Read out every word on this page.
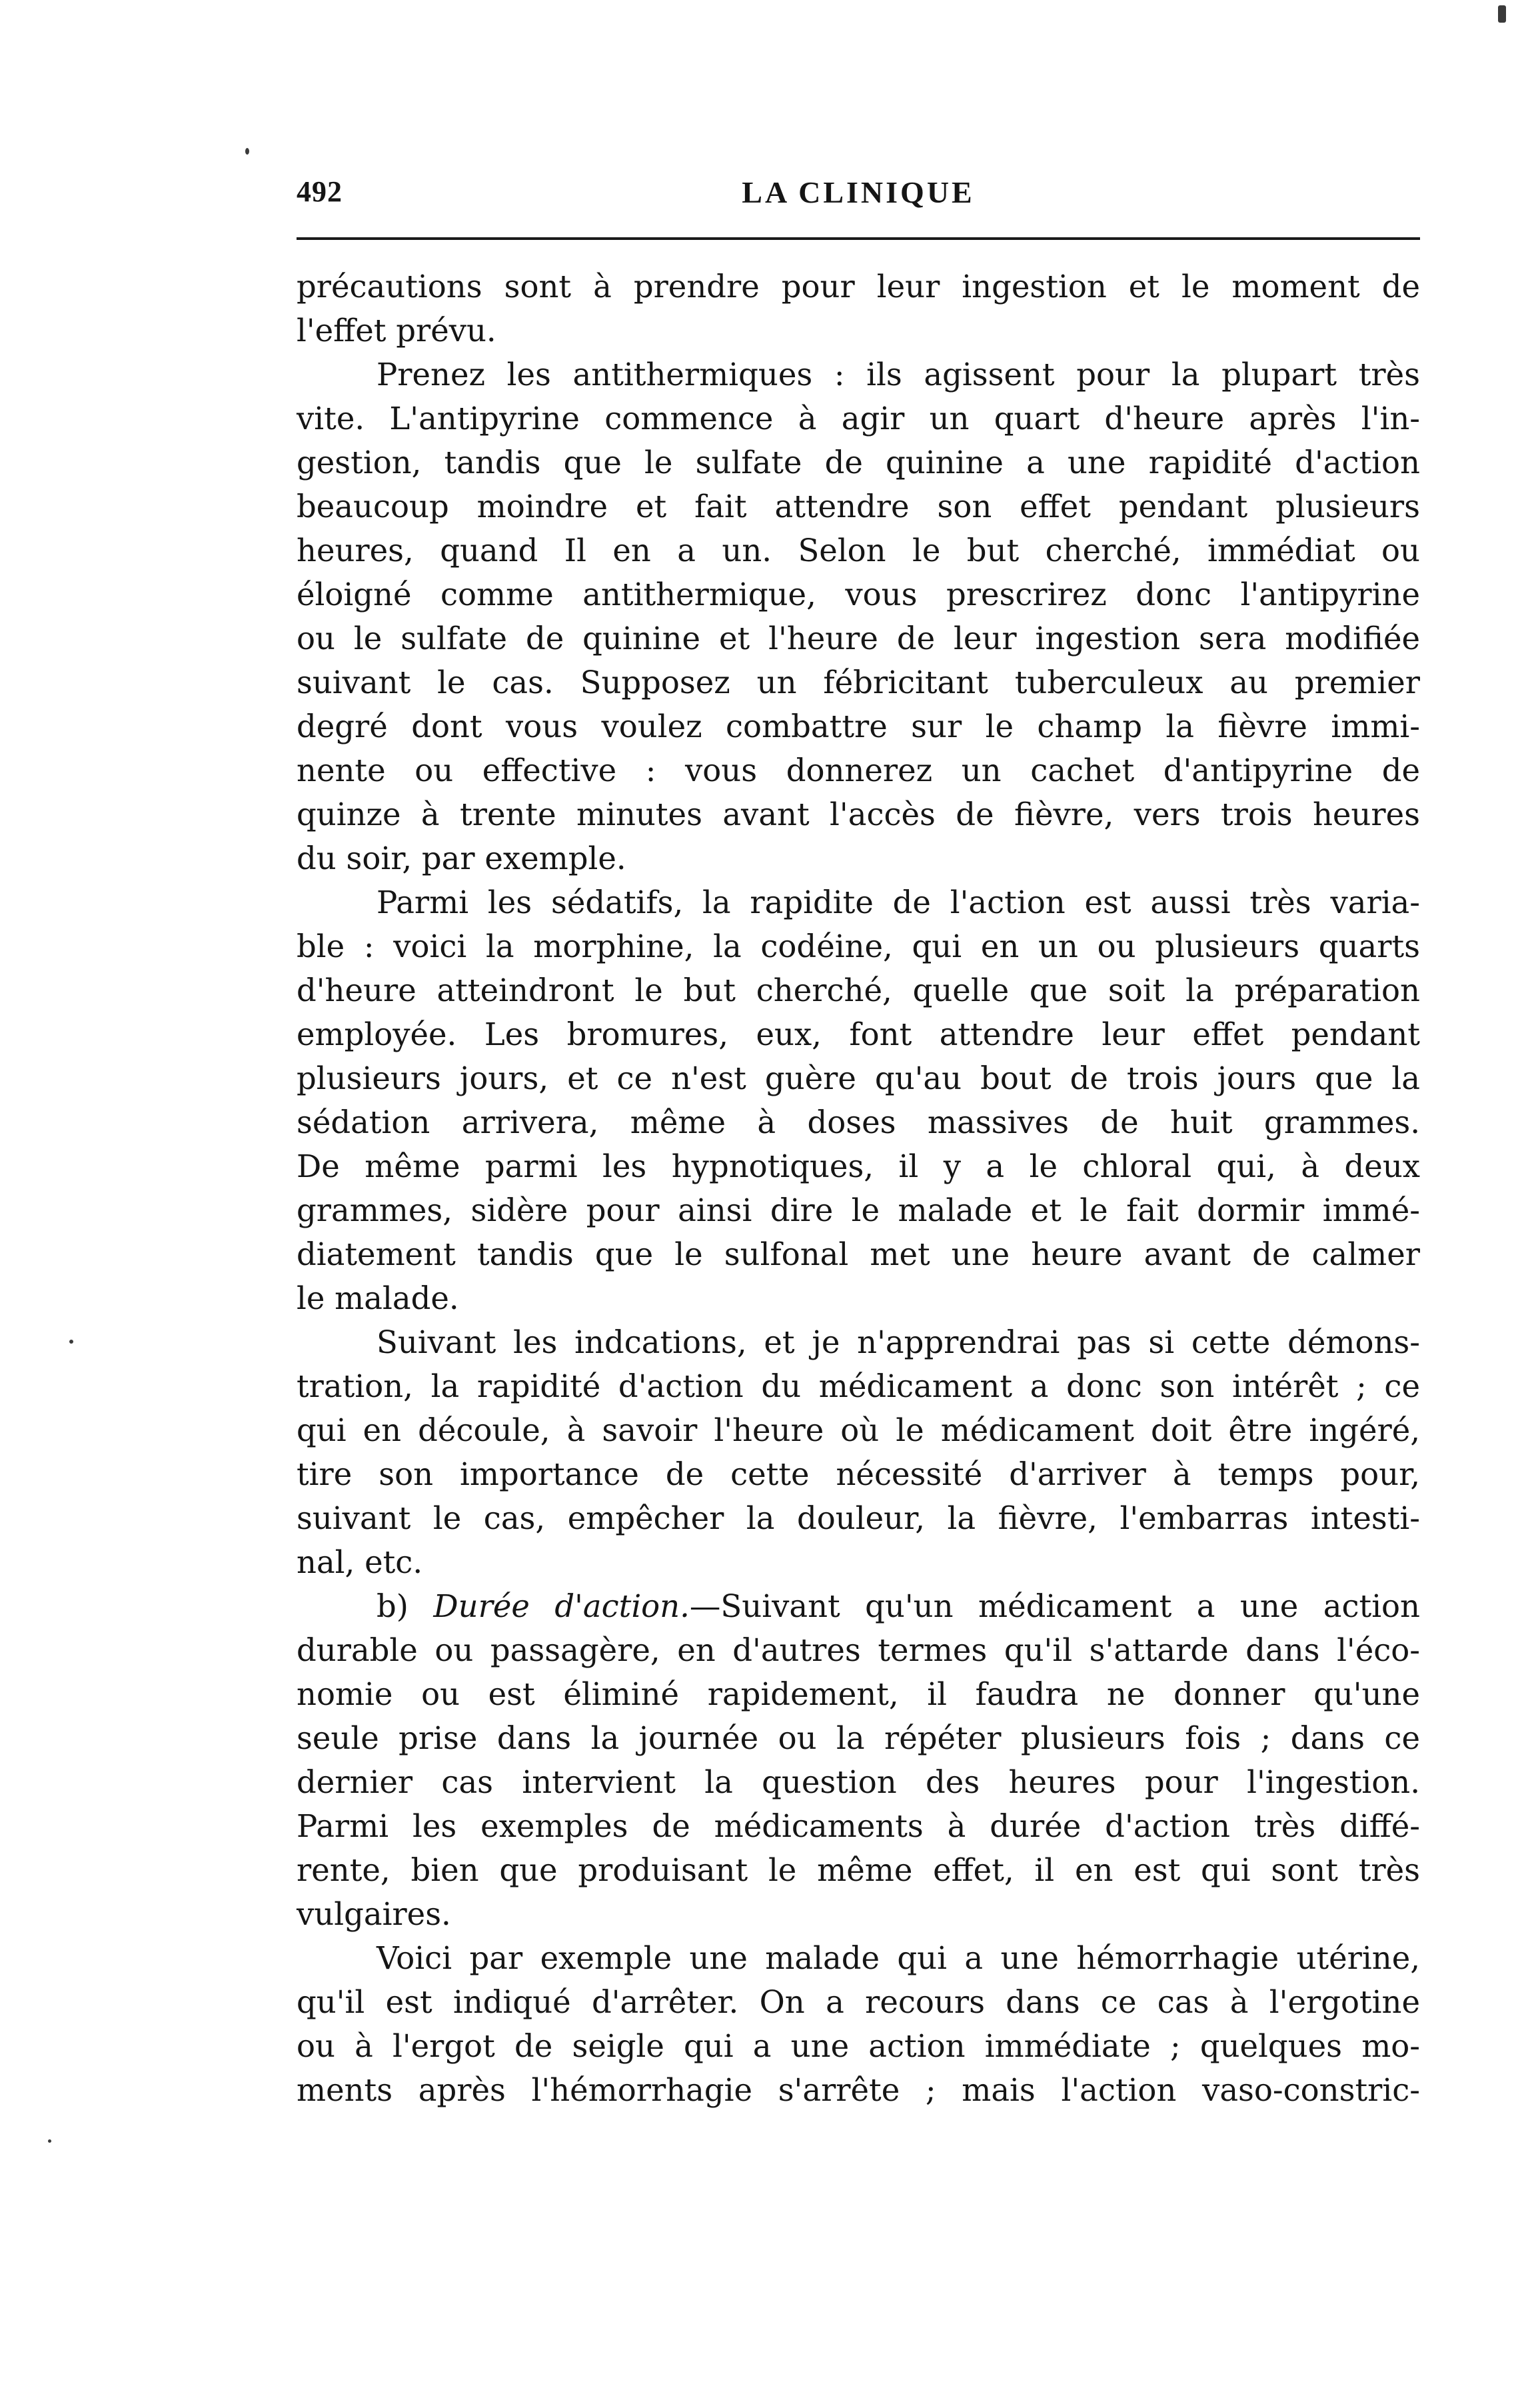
492	LA CLINIQUE
précautions sont à prendre pour leur ingestion et le moment de
l'effet prévu.
Prenez les antithermiques : ils agissent pour la plupart très
vite. L'antipyrine commence à agir un quart d'heure après l'in-
gestion, tandis que le sulfate de quinine a une rapidité d'action
beaucoup moindre et fait attendre son effet pendant plusieurs
heures, quand Il en a un. Selon le but cherché, immédiat ou
éloigné comme antithermique, vous prescrirez donc l'antipyrine
ou le sulfate de quinine et l'heure de leur ingestion sera modifiée
suivant le cas. Supposez un fébricitant tuberculeux au premier
degré dont vous voulez combattre sur le champ la fièvre immi-
nente ou effective : vous donnerez un cachet d'antipyrine de
quinze à trente minutes avant l'accès de fièvre, vers trois heures
du soir, par exemple.
Parmi les sédatifs, la rapidite de l'action est aussi très varia-
ble : voici la morphine, la codéine, qui en un ou plusieurs quarts
d'heure atteindront le but cherché, quelle que soit la préparation
employée. Les bromures, eux, font attendre leur effet pendant
plusieurs jours, et ce n'est guère qu'au bout de trois jours que la
sédation arrivera, même à doses massives de huit grammes.
De même parmi les hypnotiques, il y a le chloral qui, à deux
grammes, sidère pour ainsi dire le malade et le fait dormir immé-
diatement tandis que le sulfonal met une heure avant de calmer
le malade.
Suivant les indcations, et je n'apprendrai pas si cette démons-
tration, la rapidité d'action du médicament a donc son intérêt ; ce
qui en découle, à savoir l'heure où le médicament doit être ingéré,
tire son importance de cette nécessité d'arriver à temps pour,
suivant le cas, empêcher la douleur, la fièvre, l'embarras intesti-
nal, etc.
b) Durée d'action.—Suivant qu'un médicament a une action
durable ou passagère, en d'autres termes qu'il s'attarde dans l'éco-
nomie ou est éliminé rapidement, il faudra ne donner qu'une
seule prise dans la journée ou la répéter plusieurs fois ; dans ce
dernier cas intervient la question des heures pour l'ingestion.
Parmi les exemples de médicaments à durée d'action très diffé-
rente, bien que produisant le même effet, il en est qui sont très
vulgaires.
Voici par exemple une malade qui a une hémorrhagie utérine,
qu'il est indiqué d'arrêter. On a recours dans ce cas à l'ergotine
ou à l'ergot de seigle qui a une action immédiate ; quelques mo-
ments après l'hémorrhagie s'arrête ; mais l'action vaso-constric-
